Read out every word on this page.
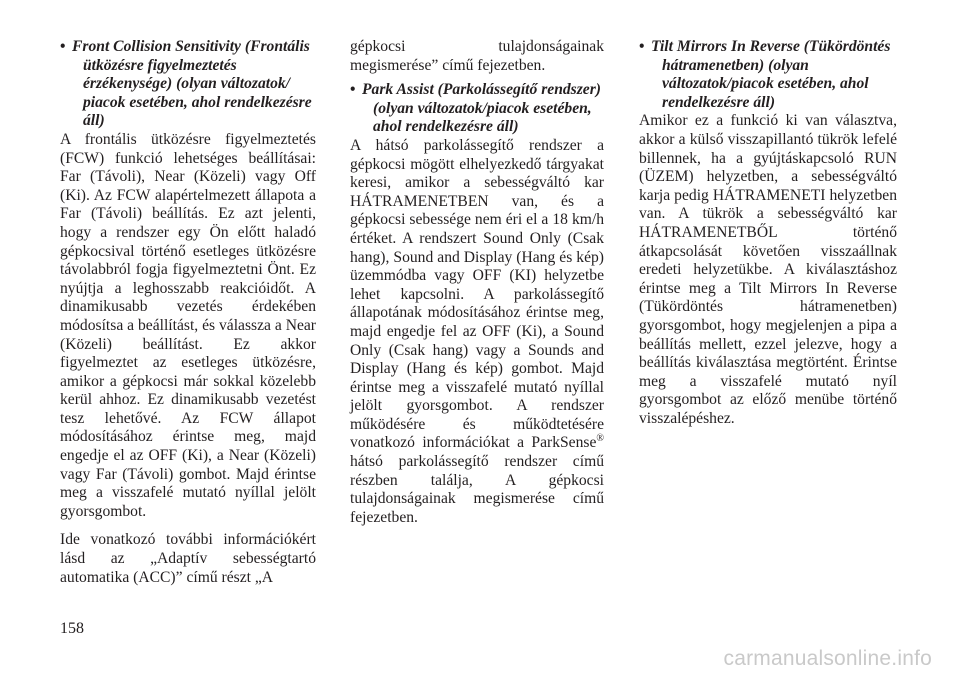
• Front Collision Sensitivity (Frontális
ütközésre figyelmeztetés érzékenysége) (olyan változatok/ piacok esetében, ahol rendelkezésre áll)

A frontális ütközésre figyelmeztetés (FCW) funkció lehetséges beállításai: Far (Távoli), Near (Közeli) vagy Off (Ki). Az FCW alapértelmezett állapota a Far (Távoli) beállítás. Ez azt jelenti, hogy a rendszer egy Ön előtt haladó gépkocsival történő esetleges ütközésre távolabbról fogja figyelmeztetni Önt. Ez nyújtja a leghosszabb reakcióidőt. A dinamikusabb vezetés érdekében módosítsa a beállítást, és válassza a Near (Közeli) beállítást. Ez akkor figyelmeztet az esetleges ütközésre, amikor a gépkocsi már sokkal közelebb kerül ahhoz. Ez dinamikusabb vezetést tesz lehetővé. Az FCW állapot módosításához érintse meg, majd engedje el az OFF (Ki), a Near (Közeli) vagy Far (Távoli) gombot. Majd érintse meg a visszafelé mutató nyíllal jelölt gyorsgombot.

Ide vonatkozó további információkért lásd az „Adaptív sebességtartó automatika (ACC)” című részt „A

gépkocsi tulajdonságainak megismerése” című fejezetben.

• Park Assist (Parkolássegítő rendszer)
(olyan változatok/piacok esetében, ahol rendelkezésre áll)

A hátsó parkolássegítő rendszer a gépkocsi mögött elhelyezkedő tárgyakat keresi, amikor a sebességváltó kar HÁTRAMENETBEN van, és a gépkocsi sebessége nem éri el a 18 km/h értéket. A rendszert Sound Only (Csak hang), Sound and Display (Hang és kép) üzemmódba vagy OFF (KI) helyzetbe lehet kapcsolni. A parkolássegítő állapotának módosításához érintse meg, majd engedje fel az OFF (Ki), a Sound Only (Csak hang) vagy a Sounds and Display (Hang és kép) gombot. Majd érintse meg a visszafelé mutató nyíllal jelölt gyorsgombot. A rendszer működésére és működtetésére vonatkozó információkat a ParkSense® hátsó parkolássegítő rendszer című részben találja, A gépkocsi tulajdonságainak megismerése című fejezetben.

• Tilt Mirrors In Reverse (Tükördöntés
hátramenetben) (olyan változatok/piacok esetében, ahol rendelkezésre áll)

Amikor ez a funkció ki van választva, akkor a külső visszapillantó tükrök lefelé billennek, ha a gyújtáskapcsoló RUN (ÜZEM) helyzetben, a sebességváltó karja pedig HÁTRAMENETI helyzetben van. A tükrök a sebességváltó kar HÁTRAMENETBŐL történő átkapcsolását követően visszaállnak eredeti helyzetükbe. A kiválasztáshoz érintse meg a Tilt Mirrors In Reverse (Tükördöntés hátramenetben) gyorsgombot, hogy megjelenjen a pipa a beállítás mellett, ezzel jelezve, hogy a beállítás kiválasztása megtörtént. Érintse meg a visszafelé mutató nyíl gyorsgombot az előző menübe történő visszalépéshez.

158
carmanualsonline.info
